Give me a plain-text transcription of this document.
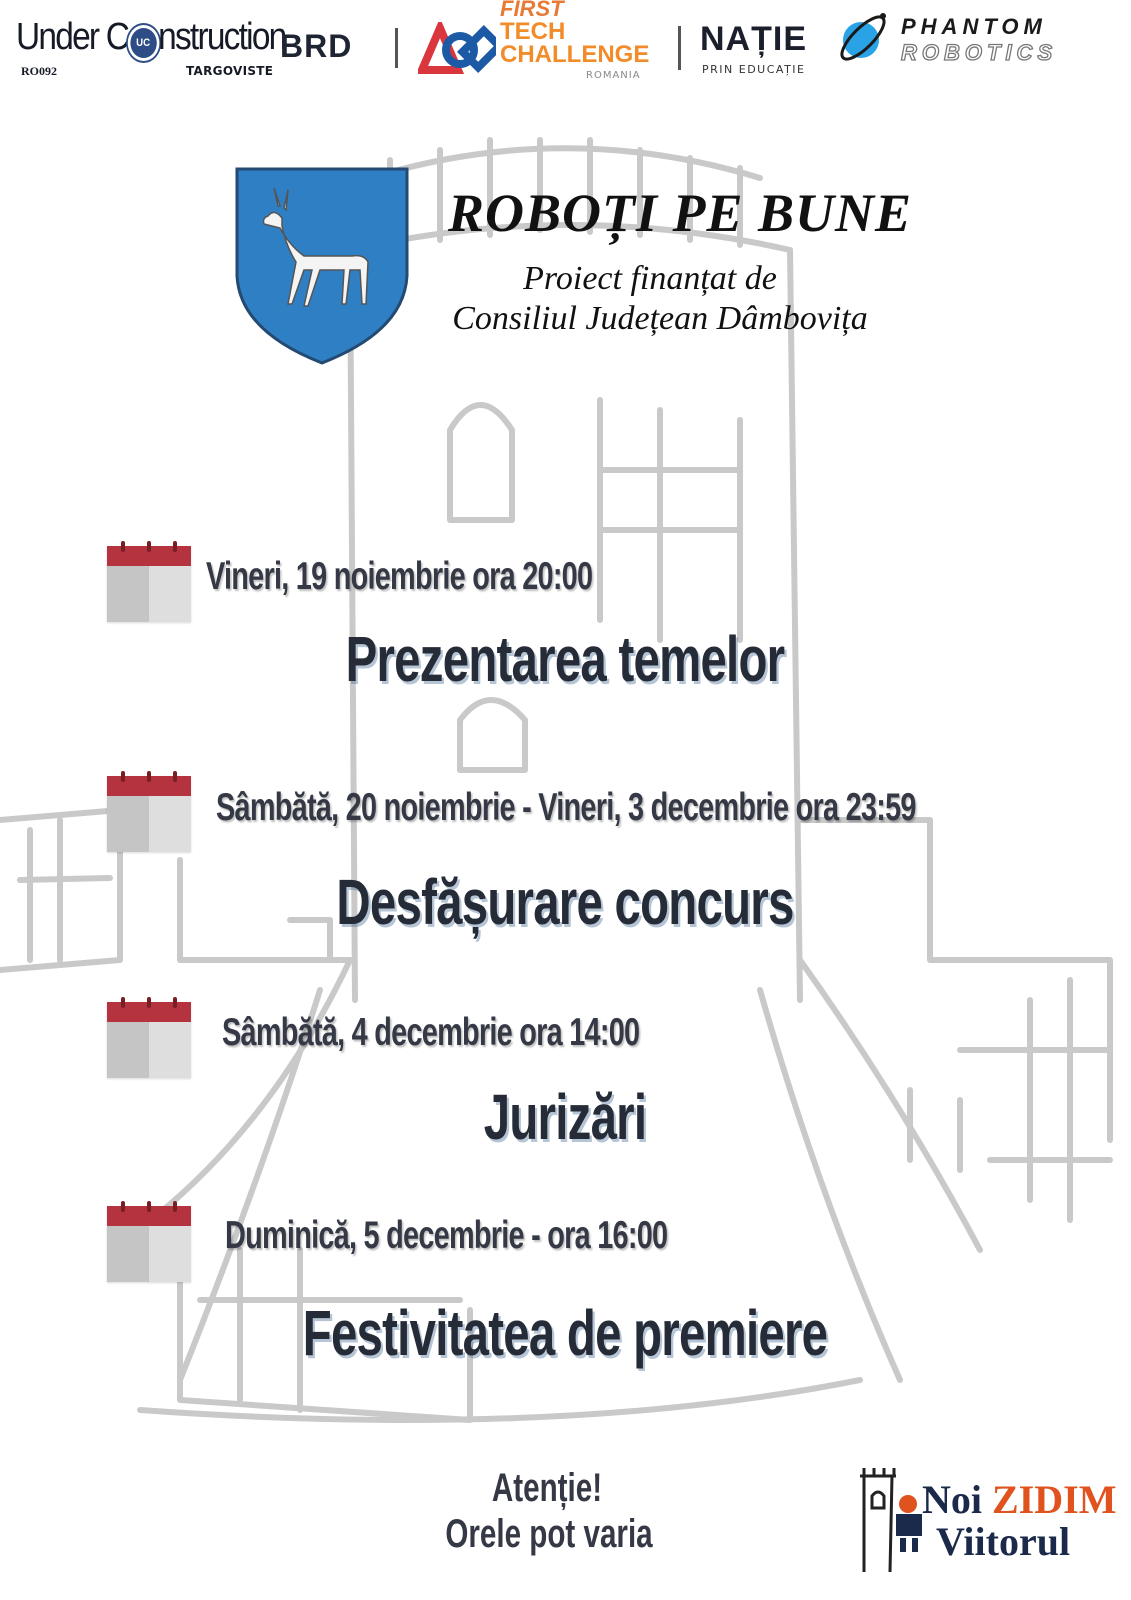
Under C UC nstruction
RO092	TARGOVISTE
BRD
FIRST
TECH
CHALLENGE
ROMANIA
NAȚIE
PRIN EDUCAȚIE
PHANTOM
ROBOTICS
ROBOȚI PE BUNE
Proiect finanțat de
Consiliul Județean Dâmbovița
Vineri, 19 noiembrie ora 20:00
Prezentarea temelor
Sâmbătă, 20 noiembrie - Vineri, 3 decembrie ora 23:59
Desfășurare concurs
Sâmbătă, 4 decembrie ora 14:00
Jurizări
Duminică, 5 decembrie - ora 16:00
Festivitatea de premiere
Atenție!
Orele pot varia
Noi ZIDIM
Viitorul
